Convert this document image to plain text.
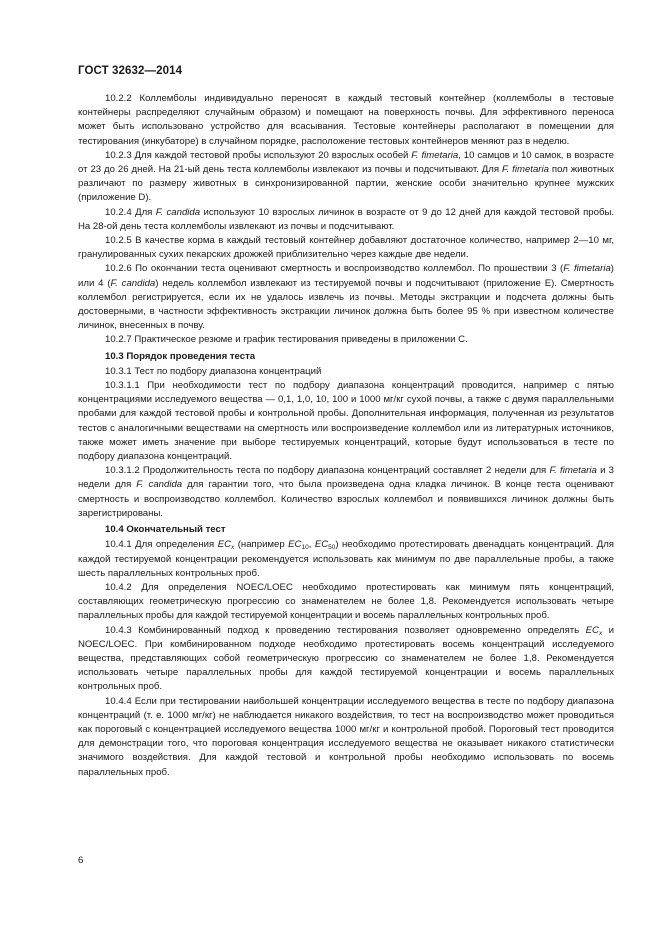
ГОСТ 32632—2014

10.2.2 Коллемболы индивидуально переносят в каждый тестовый контейнер (коллемболы в тестовые контейнеры распределяют случайным образом) и помещают на поверхность почвы. Для эффективного переноса может быть использовано устройство для всасывания. Тестовые контейнеры располагают в помещении для тестирования (инкубаторе) в случайном порядке, расположение тестовых контейнеров меняют раз в неделю.

10.2.3 Для каждой тестовой пробы используют 20 взрослых особей F. fimetaria, 10 самцов и 10 самок, в возрасте от 23 до 26 дней. На 21-ый день теста коллемболы извлекают из почвы и подсчитывают. Для F. fimetaria пол животных различают по размеру животных в синхронизированной партии, женские особи значительно крупнее мужских (приложение D).

10.2.4 Для F. candida используют 10 взрослых личинок в возрасте от 9 до 12 дней для каждой тестовой пробы. На 28-ой день теста коллемболы извлекают из почвы и подсчитывают.

10.2.5 В качестве корма в каждый тестовый контейнер добавляют достаточное количество, например 2—10 мг, гранулированных сухих пекарских дрожжей приблизительно через каждые две недели.

10.2.6 По окончании теста оценивают смертность и воспроизводство коллембол. По прошествии 3 (F. fimetaria) или 4 (F. candida) недель коллембол извлекают из тестируемой почвы и подсчитывают (приложение E). Смертность коллембол регистрируется, если их не удалось извлечь из почвы. Методы экстракции и подсчета должны быть достоверными, в частности эффективность экстракции личинок должна быть более 95 % при известном количестве личинок, внесенных в почву.

10.2.7 Практическое резюме и график тестирования приведены в приложении C.

10.3 Порядок проведения теста

10.3.1 Тест по подбору диапазона концентраций

10.3.1.1 При необходимости тест по подбору диапазона концентраций проводится, например с пятью концентрациями исследуемого вещества — 0,1, 1,0, 10, 100 и 1000 мг/кг сухой почвы, а также с двумя параллельными пробами для каждой тестовой пробы и контрольной пробы. Дополнительная информация, полученная из результатов тестов с аналогичными веществами на смертность или воспроизведение коллембол или из литературных источников, также может иметь значение при выборе тестируемых концентраций, которые будут использоваться в тесте по подбору диапазона концентраций.

10.3.1.2 Продолжительность теста по подбору диапазона концентраций составляет 2 недели для F. fimetaria и 3 недели для F. candida для гарантии того, что была произведена одна кладка личинок. В конце теста оценивают смертность и воспроизводство коллембол. Количество взрослых коллембол и появившихся личинок должны быть зарегистрированы.

10.4 Окончательный тест

10.4.1 Для определения $EC_x$ (например $EC_{10}$, $EC_{50}$) необходимо протестировать двенадцать концентраций. Для каждой тестируемой концентрации рекомендуется использовать как минимум по две параллельные пробы, а также шесть параллельных контрольных проб.

10.4.2 Для определения NOEC/LOEC необходимо протестировать как минимум пять концентраций, составляющих геометрическую прогрессию со знаменателем не более 1,8. Рекомендуется использовать четыре параллельных пробы для каждой тестируемой концентрации и восемь параллельных контрольных проб.

10.4.3 Комбинированный подход к проведению тестирования позволяет одновременно определять $EC_x$ и NOEC/LOEC. При комбинированном подходе необходимо протестировать восемь концентраций исследуемого вещества, представляющих собой геометрическую прогрессию со знаменателем не более 1,8. Рекомендуется использовать четыре параллельных пробы для каждой тестируемой концентрации и восемь параллельных контрольных проб.

10.4.4 Если при тестировании наибольшей концентрации исследуемого вещества в тесте по подбору диапазона концентраций (т. е. 1000 мг/кг) не наблюдается никакого воздействия, то тест на воспроизводство может проводиться как пороговый с концентрацией исследуемого вещества 1000 мг/кг и контрольной пробой. Пороговый тест проводится для демонстрации того, что пороговая концентрация исследуемого вещества не оказывает никакого статистически значимого воздействия. Для каждой тестовой и контрольной пробы необходимо использовать по восемь параллельных проб.

6
